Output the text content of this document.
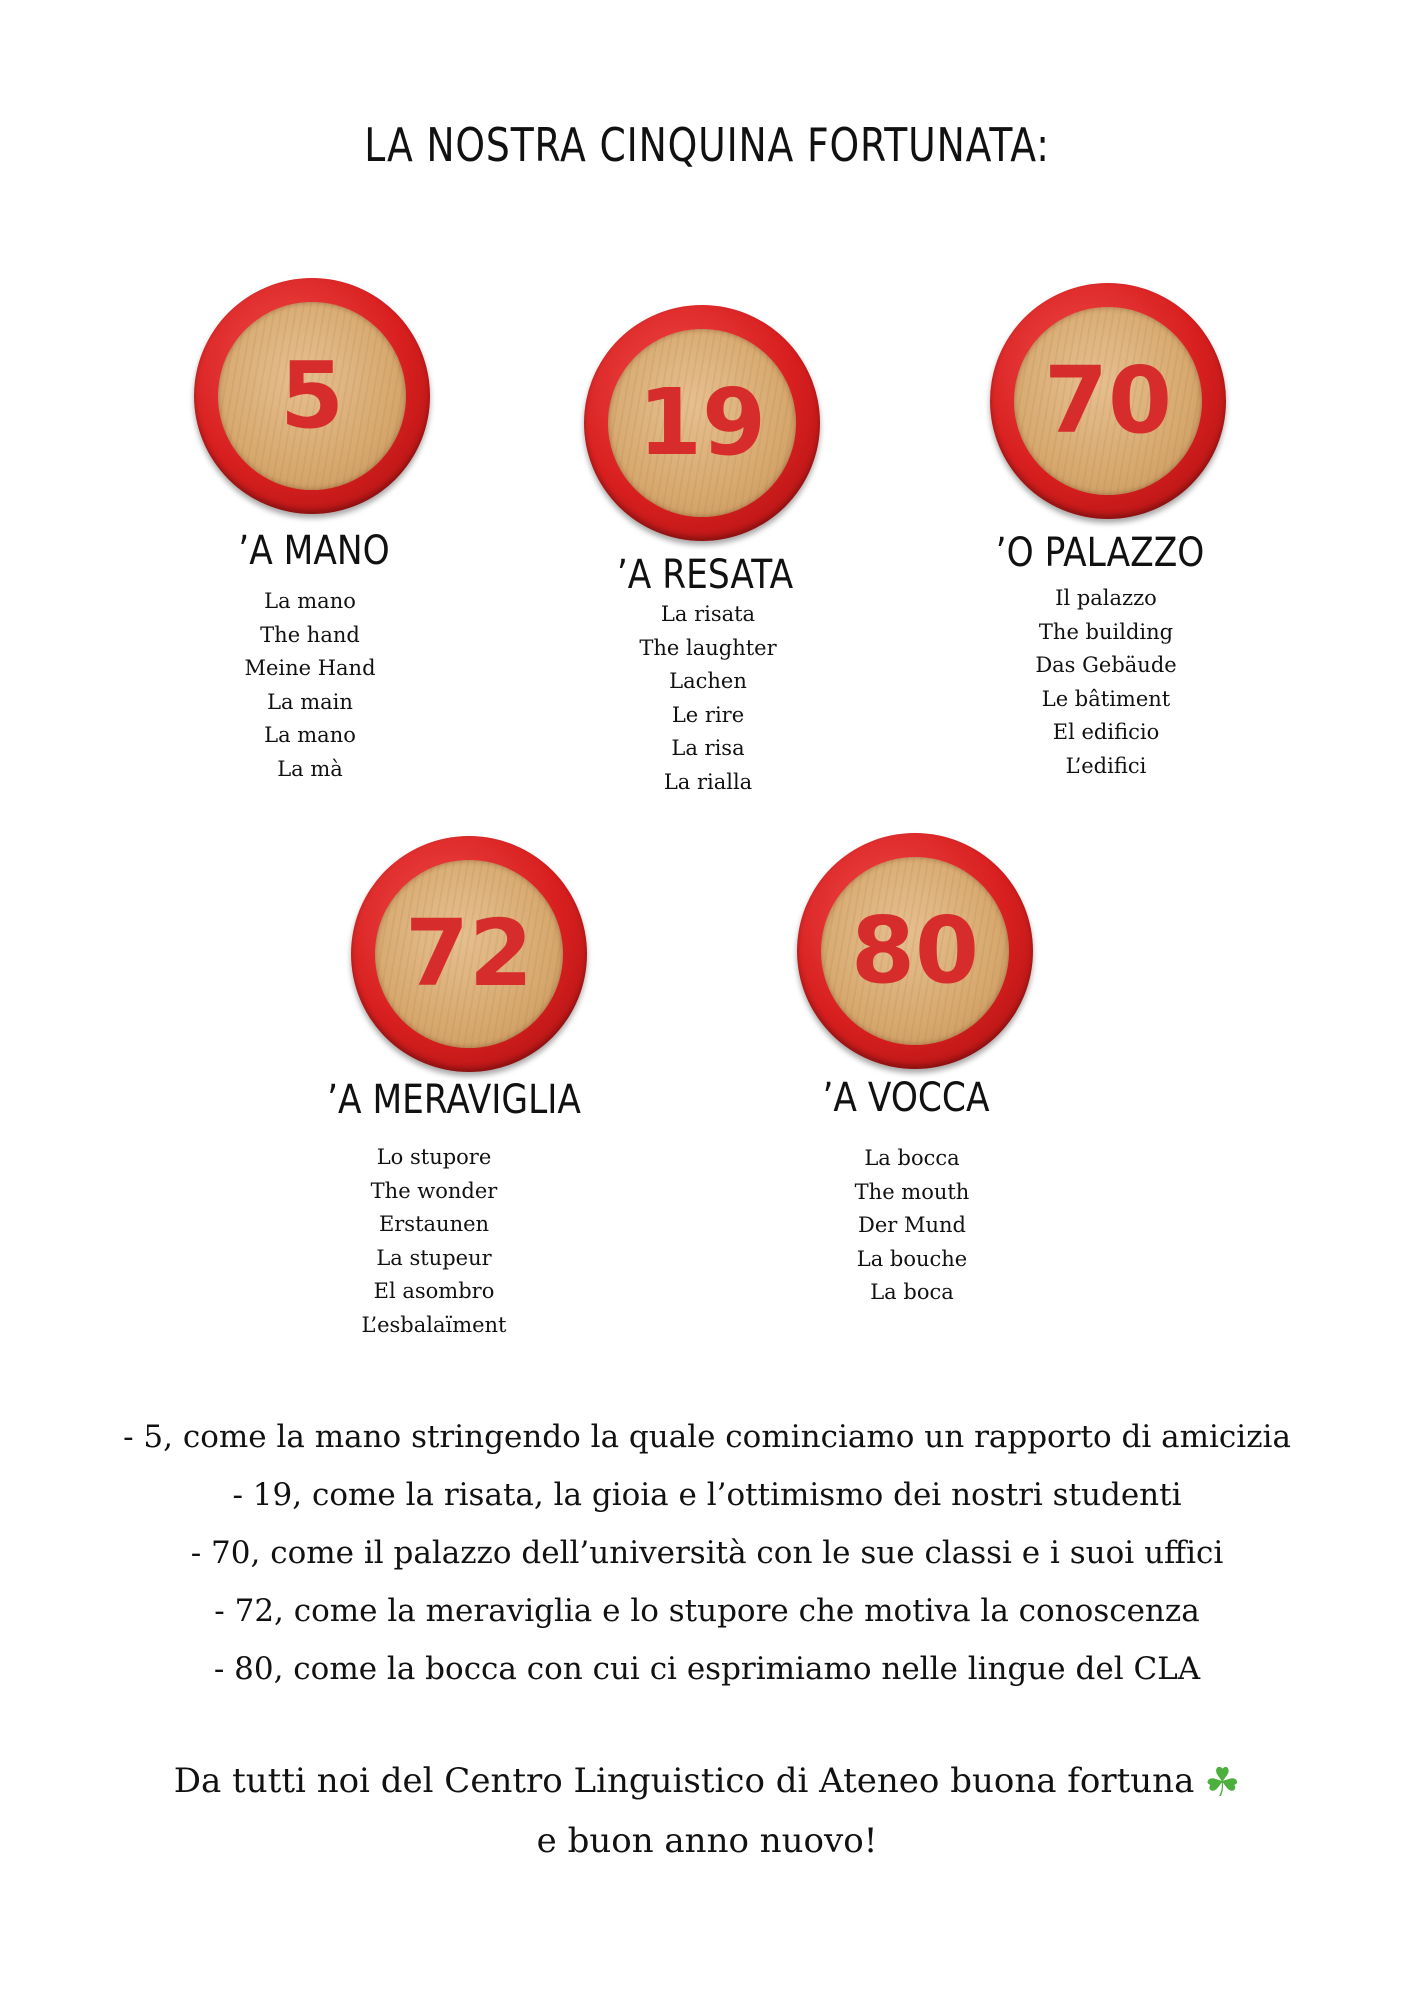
LA NOSTRA CINQUINA FORTUNATA:
5
’A MANO
La mano
The hand
Meine Hand
La main
La mano
La mà
19
’A RESATA
La risata
The laughter
Lachen
Le rire
La risa
La rialla
70
’O PALAZZO
Il palazzo
The building
Das Gebäude
Le bâtiment
El edificio
L’edifici
72
’A MERAVIGLIA
Lo stupore
The wonder
Erstaunen
La stupeur
El asombro
L’esbalaïment
80
’A VOCCA
La bocca
The mouth
Der Mund
La bouche
La boca
- 5, come la mano stringendo la quale cominciamo un rapporto di amicizia
- 19, come la risata, la gioia e l’ottimismo dei nostri studenti
- 70, come il palazzo dell’università con le sue classi e i suoi uffici
- 72, come la meraviglia e lo stupore che motiva la conoscenza
- 80, come la bocca con cui ci esprimiamo nelle lingue del CLA
Da tutti noi del Centro Linguistico di Ateneo buona fortuna ☘
e buon anno nuovo!
